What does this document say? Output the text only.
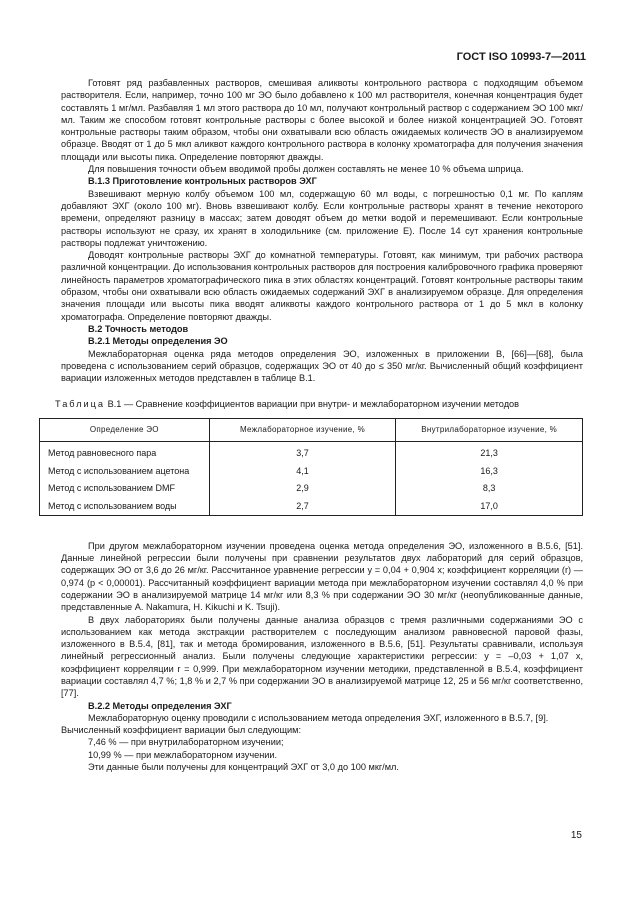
ГОСТ ISO 10993-7—2011

Готовят ряд разбавленных растворов, смешивая аликвоты контрольного раствора с подходящим объемом растворителя. Если, например, точно 100 мг ЭО было добавлено к 100 мл растворителя, конечная концентрация будет составлять 1 мг/мл. Разбавляя 1 мл этого раствора до 10 мл, получают контрольный раствор с содержанием ЭО 100 мкг/мл. Таким же способом готовят контрольные растворы с более высокой и более низкой концентрацией ЭО. Готовят контрольные растворы таким образом, чтобы они охватывали всю область ожидаемых количеств ЭО в анализируемом образце. Вводят от 1 до 5 мкл аликвот каждого контрольного раствора в колонку хроматографа для получения значения площади или высоты пика. Определение повторяют дважды.

Для повышения точности объем вводимой пробы должен составлять не менее 10 % объема шприца.

В.1.3 Приготовление контрольных растворов ЭХГ

Взвешивают мерную колбу объемом 100 мл, содержащую 60 мл воды, с погрешностью 0,1 мг. По каплям добавляют ЭХГ (около 100 мг). Вновь взвешивают колбу. Если контрольные растворы хранят в течение некоторого времени, определяют разницу в массах; затем доводят объем до метки водой и перемешивают. Если контрольные растворы используют не сразу, их хранят в холодильнике (см. приложение Е). После 14 сут хранения контрольные растворы подлежат уничтожению.

Доводят контрольные растворы ЭХГ до комнатной температуры. Готовят, как минимум, три рабочих раствора различной концентрации. До использования контрольных растворов для построения калибровочного графика проверяют линейность параметров хроматографического пика в этих областях концентраций. Готовят контрольные растворы таким образом, чтобы они охватывали всю область ожидаемых содержаний ЭХГ в анализируемом образце. Для определения значения площади или высоты пика вводят аликвоты каждого контрольного раствора от 1 до 5 мкл в колонку хроматографа. Определение повторяют дважды.

В.2 Точность методов

В.2.1 Методы определения ЭО

Межлабораторная оценка ряда методов определения ЭО, изложенных в приложении В, [66]—[68], была проведена с использованием серий образцов, содержащих ЭО от 40 до ≤ 350 мг/кг. Вычисленный общий коэффициент вариации изложенных методов представлен в таблице В.1.

Таблица В.1 — Сравнение коэффициентов вариации при внутри- и межлабораторном изучении методов
Определение ЭО	Межлабораторное изучение, %	Внутрилабораторное изучение, %
Метод равновесного пара	3,7	21,3
Метод с использованием ацетона	4,1	16,3
Метод с использованием DMF	2,9	8,3
Метод с использованием воды	2,7	17,0

При другом межлабораторном изучении проведена оценка метода определения ЭО, изложенного в В.5.6, [51]. Данные линейной регрессии были получены при сравнении результатов двух лабораторий для серий образцов, содержащих ЭО от 3,6 до 26 мг/кг. Рассчитанное уравнение регрессии y = 0,04 + 0,904 x; коэффициент корреляции (r) — 0,974 (p < 0,00001). Рассчитанный коэффициент вариации метода при межлабораторном изучении составлял 4,0 % при содержании ЭО в анализируемой матрице 14 мг/кг или 8,3 % при содержании ЭО 30 мг/кг (неопубликованные данные, представленные A. Nakamura, H. Kikuchi и K. Tsuji).

В двух лабораториях были получены данные анализа образцов с тремя различными содержаниями ЭО с использованием как метода экстракции растворителем с последующим анализом равновесной паровой фазы, изложенного в В.5.4, [81], так и метода бромирования, изложенного в В.5.6, [51]. Результаты сравнивали, используя линейный регрессионный анализ. Были получены следующие характеристики регрессии: y = –0,03 + 1,07 x, коэффициент корреляции r = 0,999. При межлабораторном изучении методики, представленной в В.5.4, коэффициент вариации составлял 4,7 %; 1,8 % и 2,7 % при содержании ЭО в анализируемой матрице 12, 25 и 56 мг/кг соответственно, [77].

В.2.2 Методы определения ЭХГ

Межлабораторную оценку проводили с использованием метода определения ЭХГ, изложенного в В.5.7, [9].

Вычисленный коэффициент вариации был следующим:

7,46 % — при внутрилабораторном изучении;

10,99 % — при межлабораторном изучении.

Эти данные были получены для концентраций ЭХГ от 3,0 до 100 мкг/мл.

15
